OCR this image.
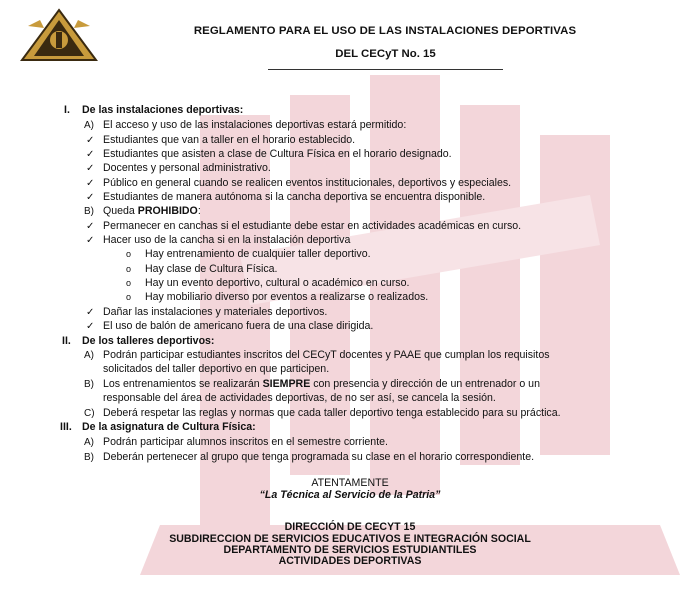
REGLAMENTO PARA EL USO DE LAS INSTALACIONES DEPORTIVAS
DEL CECyT No. 15
I. De las instalaciones deportivas:
A) El acceso y uso de las instalaciones deportivas estará permitido:
✓ Estudiantes que van a taller en el horario establecido.
✓ Estudiantes que asisten a clase de Cultura Física en el horario designado.
✓ Docentes y personal administrativo.
✓ Público en general cuando se realicen eventos institucionales, deportivos y especiales.
✓ Estudiantes de manera autónoma si la cancha deportiva se encuentra disponible.
B) Queda PROHIBIDO:
✓ Permanecer en canchas si el estudiante debe estar en actividades académicas en curso.
✓ Hacer uso de la cancha si en la instalación deportiva
o Hay entrenamiento de cualquier taller deportivo.
o Hay clase de Cultura Física.
o Hay un evento deportivo, cultural o académico en curso.
o Hay mobiliario diverso por eventos a realizarse o realizados.
✓ Dañar las instalaciones y materiales deportivos.
✓ El uso de balón de americano fuera de una clase dirigida.
II. De los talleres deportivos:
A) Podrán participar estudiantes inscritos del CECyT docentes y PAAE que cumplan los requisitos
solicitados del taller deportivo en que participen.
B) Los entrenamientos se realizarán SIEMPRE con presencia y dirección de un entrenador o un
responsable del área de actividades deportivas, de no ser así, se cancela la sesión.
C) Deberá respetar las reglas y normas que cada taller deportivo tenga establecido para su práctica.
III. De la asignatura de Cultura Física:
A) Podrán participar alumnos inscritos en el semestre corriente.
B) Deberán pertenecer al grupo que tenga programada su clase en el horario correspondiente.
ATENTAMENTE
“La Técnica al Servicio de la Patria”
DIRECCIÓN DE CECYT 15
SUBDIRECCION DE SERVICIOS EDUCATIVOS E INTEGRACIÓN SOCIAL
DEPARTAMENTO DE SERVICIOS ESTUDIANTILES
ACTIVIDADES DEPORTIVAS
